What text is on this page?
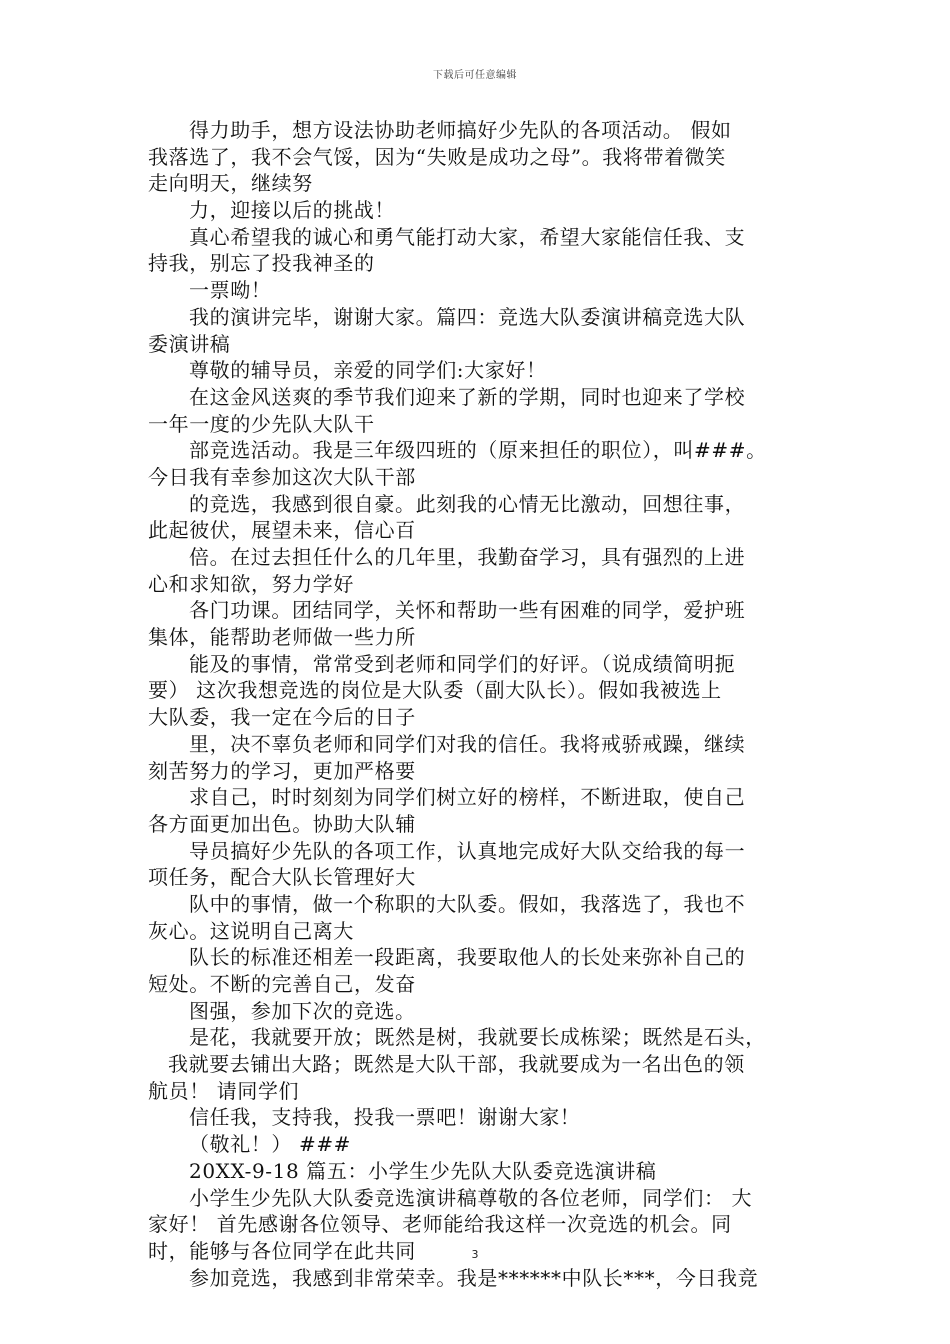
下载后可任意编辑
得力助手，想方设法协助老师搞好少先队的各项活动。 假如
我落选了，我不会气馁，因为“失败是成功之母”。我将带着微笑
走向明天，继续努
力，迎接以后的挑战！
真心希望我的诚心和勇气能打动大家，希望大家能信任我、支
持我，别忘了投我神圣的
一票呦！
我的演讲完毕，谢谢大家。篇四：竞选大队委演讲稿竞选大队
委演讲稿
尊敬的辅导员，亲爱的同学们:大家好！
在这金风送爽的季节我们迎来了新的学期，同时也迎来了学校
一年一度的少先队大队干
部竞选活动。我是三年级四班的（原来担任的职位），叫###。
今日我有幸参加这次大队干部
的竞选，我感到很自豪。此刻我的心情无比激动，回想往事，
此起彼伏，展望未来，信心百
倍。在过去担任什么的几年里，我勤奋学习，具有强烈的上进
心和求知欲，努力学好
各门功课。团结同学，关怀和帮助一些有困难的同学，爱护班
集体，能帮助老师做一些力所
能及的事情，常常受到老师和同学们的好评。（说成绩简明扼
要） 这次我想竞选的岗位是大队委（副大队长）。假如我被选上
大队委，我一定在今后的日子
里，决不辜负老师和同学们对我的信任。我将戒骄戒躁，继续
刻苦努力的学习，更加严格要
求自己，时时刻刻为同学们树立好的榜样，不断进取，使自己
各方面更加出色。协助大队辅
导员搞好少先队的各项工作，认真地完成好大队交给我的每一
项任务，配合大队长管理好大
队中的事情，做一个称职的大队委。假如，我落选了，我也不
灰心。这说明自己离大
队长的标准还相差一段距离，我要取他人的长处来弥补自己的
短处。不断的完善自己，发奋
图强，参加下次的竞选。
是花，我就要开放；既然是树，我就要长成栋梁；既然是石头，
我就要去铺出大路；既然是大队干部，我就要成为一名出色的领
航员！ 请同学们
信任我，支持我，投我一票吧！谢谢大家！
（敬礼！） ###
20XX-9-18 篇五：小学生少先队大队委竞选演讲稿
小学生少先队大队委竞选演讲稿尊敬的各位老师，同学们： 大
家好！ 首先感谢各位领导、老师能给我这样一次竞选的机会。同
时，能够与各位同学在此共同
参加竞选，我感到非常荣幸。我是******中队长***，今日我竞
3
